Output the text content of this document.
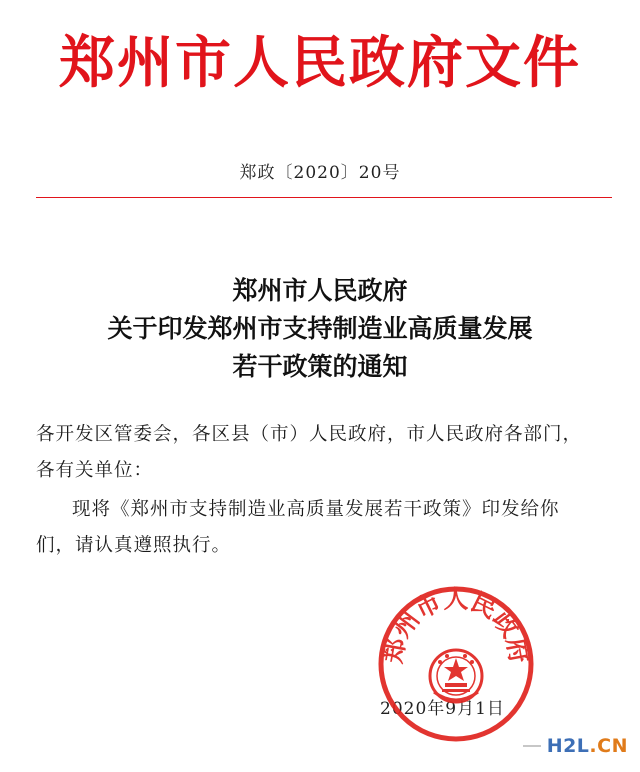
郑州市人民政府文件
郑政〔2020〕20号
郑州市人民政府
关于印发郑州市支持制造业高质量发展
若干政策的通知
各开发区管委会，各区县（市）人民政府，市人民政府各部门，
各有关单位：
现将《郑州市支持制造业高质量发展若干政策》印发给你
们，请认真遵照执行。
2020年9月1日
郑州市人民政府
H2L .CN
